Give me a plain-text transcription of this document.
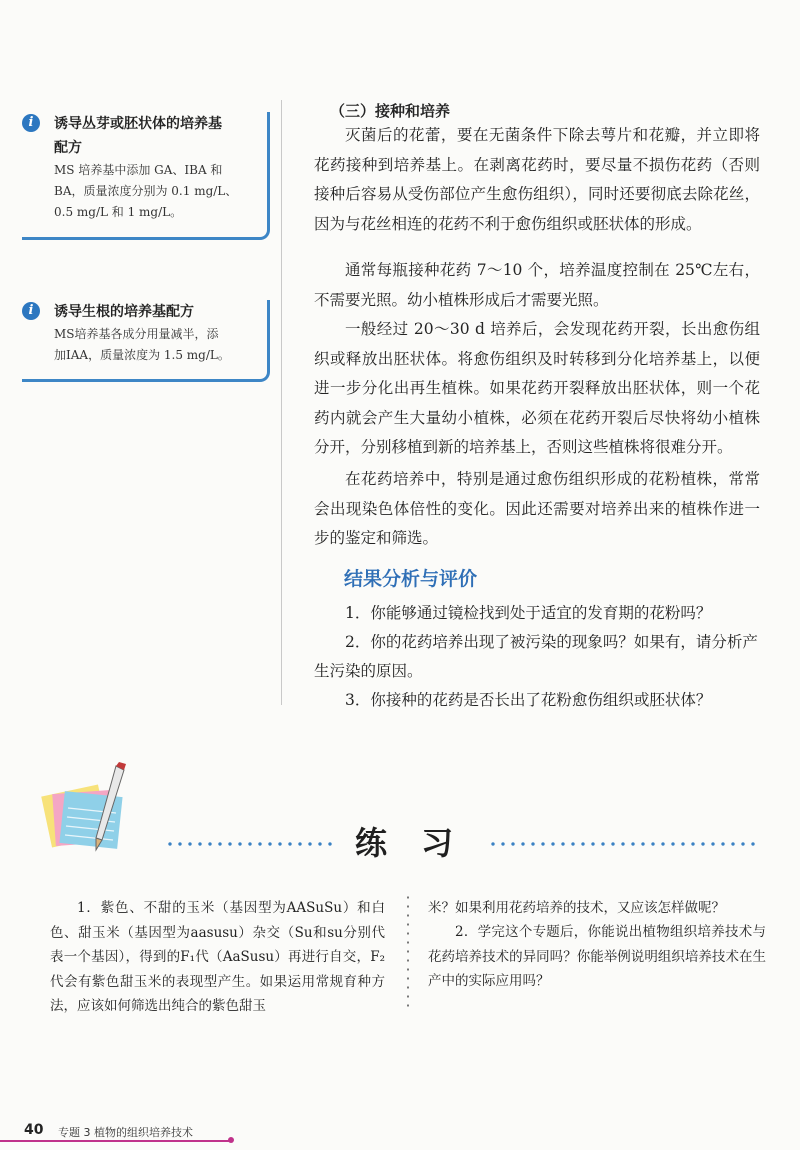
i	诱导丛芽或胚状体的培养基
配方
MS 培养基中添加 GA、IBA 和
BA，质量浓度分别为 0.1 mg/L、
0.5 mg/L 和 1 mg/L。
i	诱导生根的培养基配方
MS培养基各成分用量减半，添
加IAA，质量浓度为 1.5 mg/L。
（三）接种和培养
灭菌后的花蕾，要在无菌条件下除去萼片和花瓣，并立即将花药接种到培养基上。在剥离花药时，要尽量不损伤花药（否则接种后容易从受伤部位产生愈伤组织），同时还要彻底去除花丝，因为与花丝相连的花药不利于愈伤组织或胚状体的形成。
通常每瓶接种花药 7～10 个，培养温度控制在 25℃左右，不需要光照。幼小植株形成后才需要光照。
一般经过 20～30 d 培养后，会发现花药开裂，长出愈伤组织或释放出胚状体。将愈伤组织及时转移到分化培养基上，以便进一步分化出再生植株。如果花药开裂释放出胚状体，则一个花药内就会产生大量幼小植株，必须在花药开裂后尽快将幼小植株分开，分别移植到新的培养基上，否则这些植株将很难分开。
在花药培养中，特别是通过愈伤组织形成的花粉植株，常常会出现染色体倍性的变化。因此还需要对培养出来的植株作进一步的鉴定和筛选。
结果分析与评价
1．你能够通过镜检找到处于适宜的发育期的花粉吗？
2．你的花药培养出现了被污染的现象吗？如果有，请分析产生污染的原因。
3．你接种的花药是否长出了花粉愈伤组织或胚状体？
练习
1．紫色、不甜的玉米（基因型为AASuSu）和白色、甜玉米（基因型为aasusu）杂交（Su和su分别代表一个基因），得到的F₁代（AaSusu）再进行自交，F₂代会有紫色甜玉米的表现型产生。如果运用常规育种方法，应该如何筛选出纯合的紫色甜玉
米？如果利用花药培养的技术，又应该怎样做呢？
2．学完这个专题后，你能说出植物组织培养技术与花药培养技术的异同吗？你能举例说明组织培养技术在生产中的实际应用吗？
40 专题 3 植物的组织培养技术
